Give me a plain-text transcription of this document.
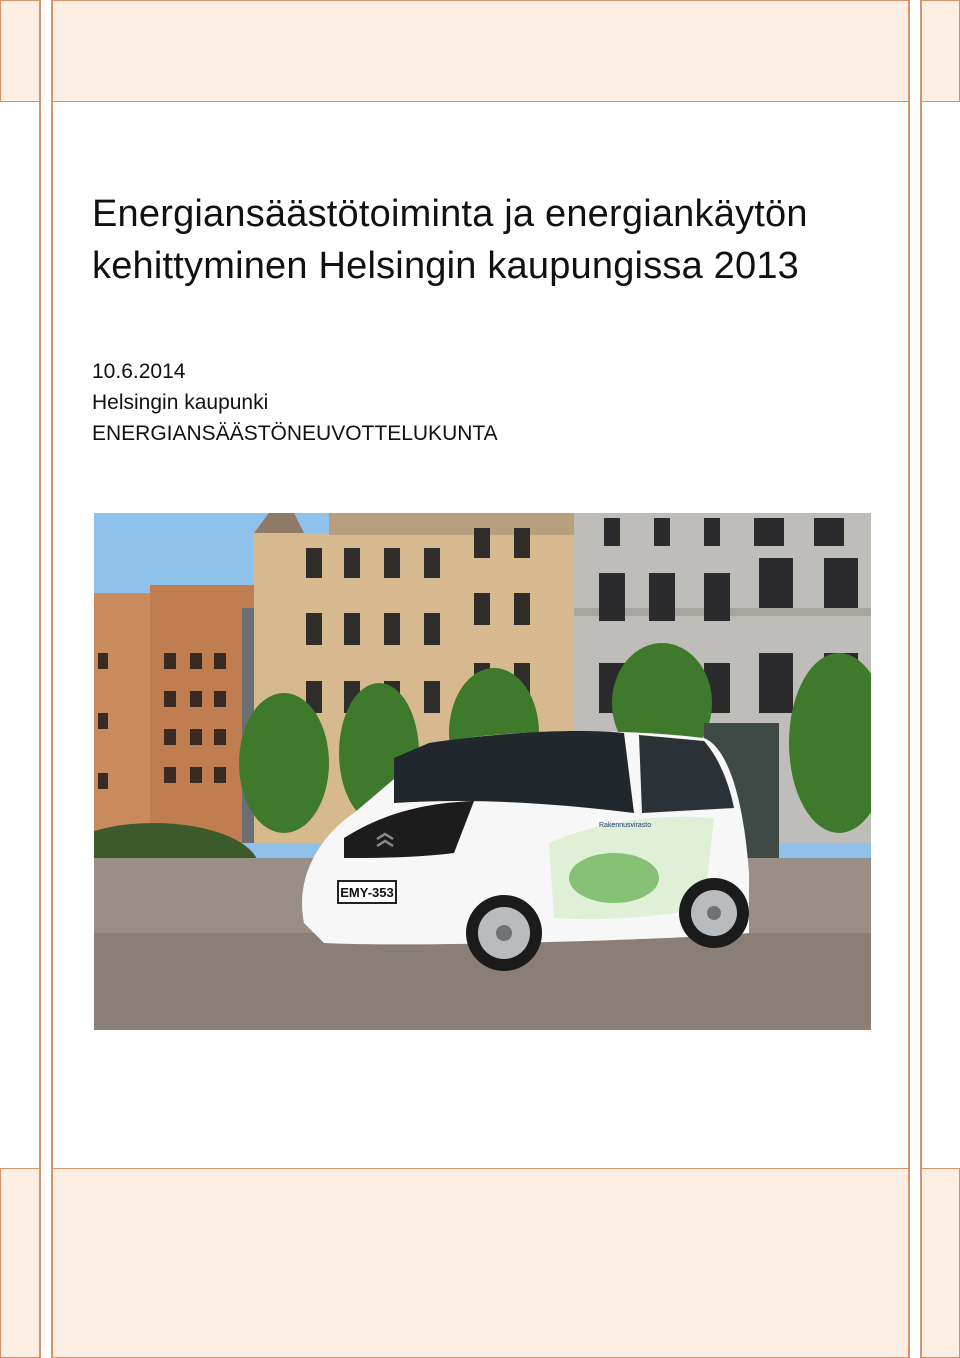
Energiansäästötoiminta ja energiankäytön
kehittyminen Helsingin kaupungissa 2013
10.6.2014
Helsingin kaupunki
ENERGIANSÄÄSTÖNEUVOTTELUKUNTA
EMY-353
Rakennusvirasto
